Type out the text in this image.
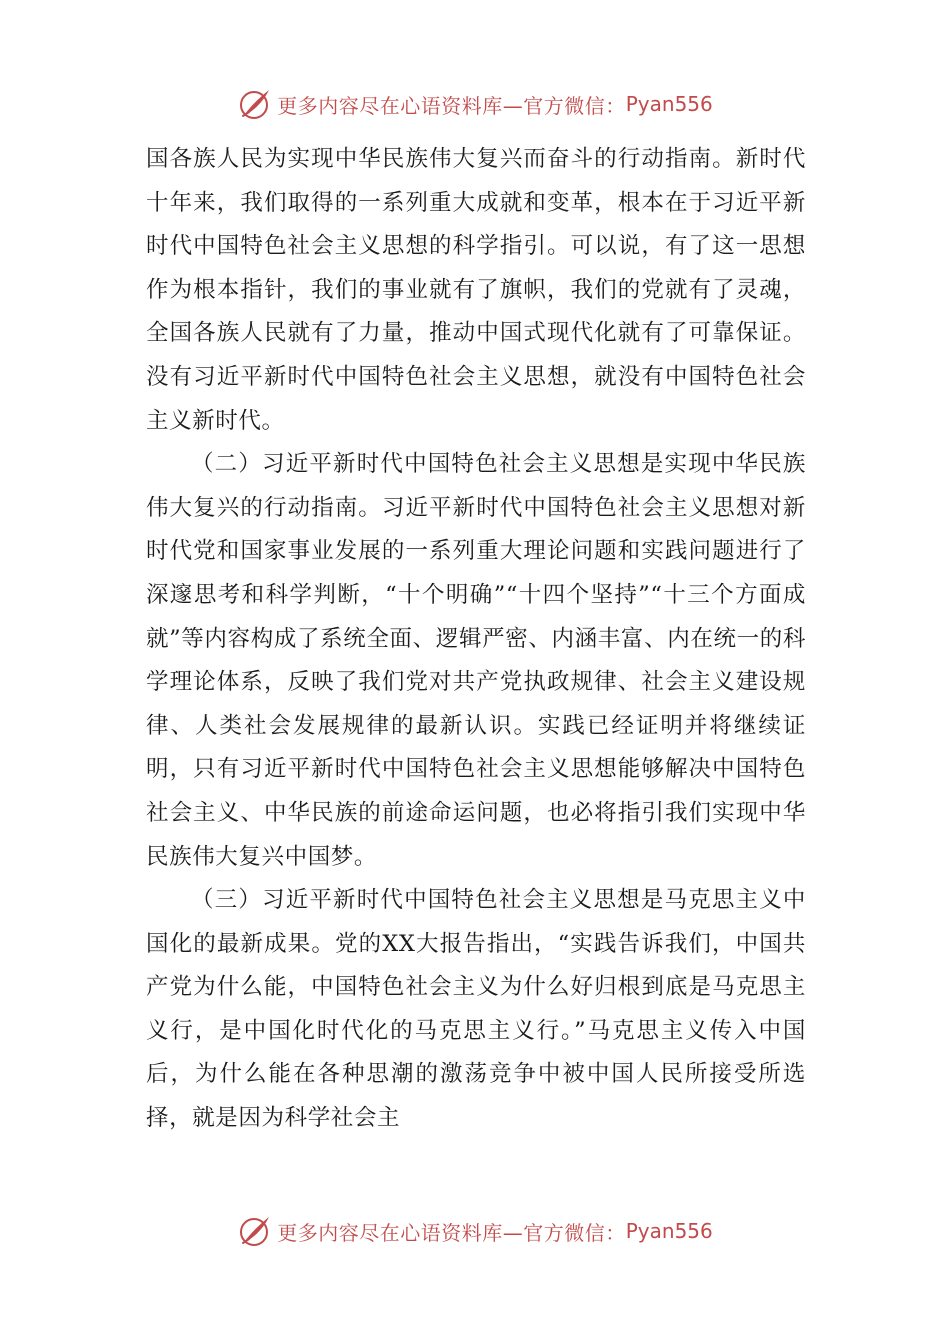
更多内容尽在心语资料库—官方微信： Pyan556

国各族人民为实现中华民族伟大复兴而奋斗的行动指南。新时代十年来，我们取得的一系列重大成就和变革，根本在于习近平新时代中国特色社会主义思想的科学指引。可以说，有了这一思想作为根本指针，我们的事业就有了旗帜，我们的党就有了灵魂，全国各族人民就有了力量，推动中国式现代化就有了可靠保证。没有习近平新时代中国特色社会主义思想，就没有中国特色社会主义新时代。

（二）习近平新时代中国特色社会主义思想是实现中华民族伟大复兴的行动指南。习近平新时代中国特色社会主义思想对新时代党和国家事业发展的一系列重大理论问题和实践问题进行了深邃思考和科学判断，“十个明确”“十四个坚持”“十三个方面成就”等内容构成了系统全面、逻辑严密、内涵丰富、内在统一的科学理论体系，反映了我们党对共产党执政规律、社会主义建设规律、人类社会发展规律的最新认识。实践已经证明并将继续证明，只有习近平新时代中国特色社会主义思想能够解决中国特色社会主义、中华民族的前途命运问题，也必将指引我们实现中华民族伟大复兴中国梦。

（三）习近平新时代中国特色社会主义思想是马克思主义中国化的最新成果。党的XX大报告指出，“实践告诉我们，中国共产党为什么能，中国特色社会主义为什么好归根到底是马克思主义行，是中国化时代化的马克思主义行。”马克思主义传入中国后，为什么能在各种思潮的激荡竞争中被中国人民所接受所选择，就是因为科学社会主

更多内容尽在心语资料库—官方微信： Pyan556
